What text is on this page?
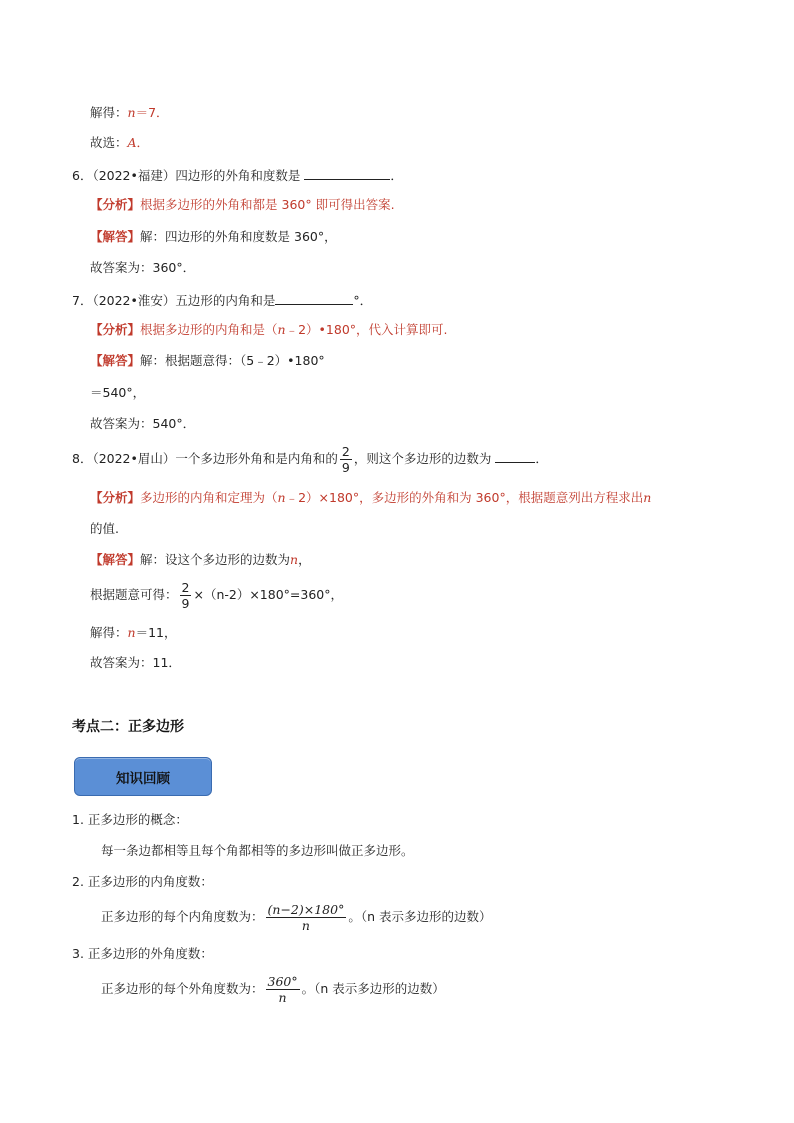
解得：n＝7．
故选：A．
6．（2022•福建）四边形的外角和度数是	．
【分析】根据多边形的外角和都是 360° 即可得出答案.
【解答】解：四边形的外角和度数是 360°，
故答案为：360°．
7．（2022•淮安）五边形的内角和是	°．
【分析】根据多边形的内角和是（n﹣2）•180°，代入计算即可.
【解答】解：根据题意得：（5﹣2）•180°
＝540°，
故答案为：540°．
8．（2022•眉山）一个多边形外角和是内角和的 $\frac{2}{9}$ ，则这个多边形的边数为	．
【分析】多边形的内角和定理为（n﹣2）×180°，多边形的外角和为 360°，根据题意列出方程求出n
的值.
【解答】解：设这个多边形的边数为n，
根据题意可得： $\frac{2}{9} \times(n-2)\times 180^\circ=360^\circ$，
解得：n＝11，
故答案为：11．
考点二：正多边形
知识回顾
1. 正多边形的概念：
每一条边都相等且每个角都相等的多边形叫做正多边形。
2. 正多边形的内角度数：
正多边形的每个内角度数为： $\frac{(n-2)\times 180^\circ}{n}$ 。（n 表示多边形的边数）
3. 正多边形的外角度数：
正多边形的每个外角度数为： $\frac{360^\circ}{n}$ 。（n 表示多边形的边数）
